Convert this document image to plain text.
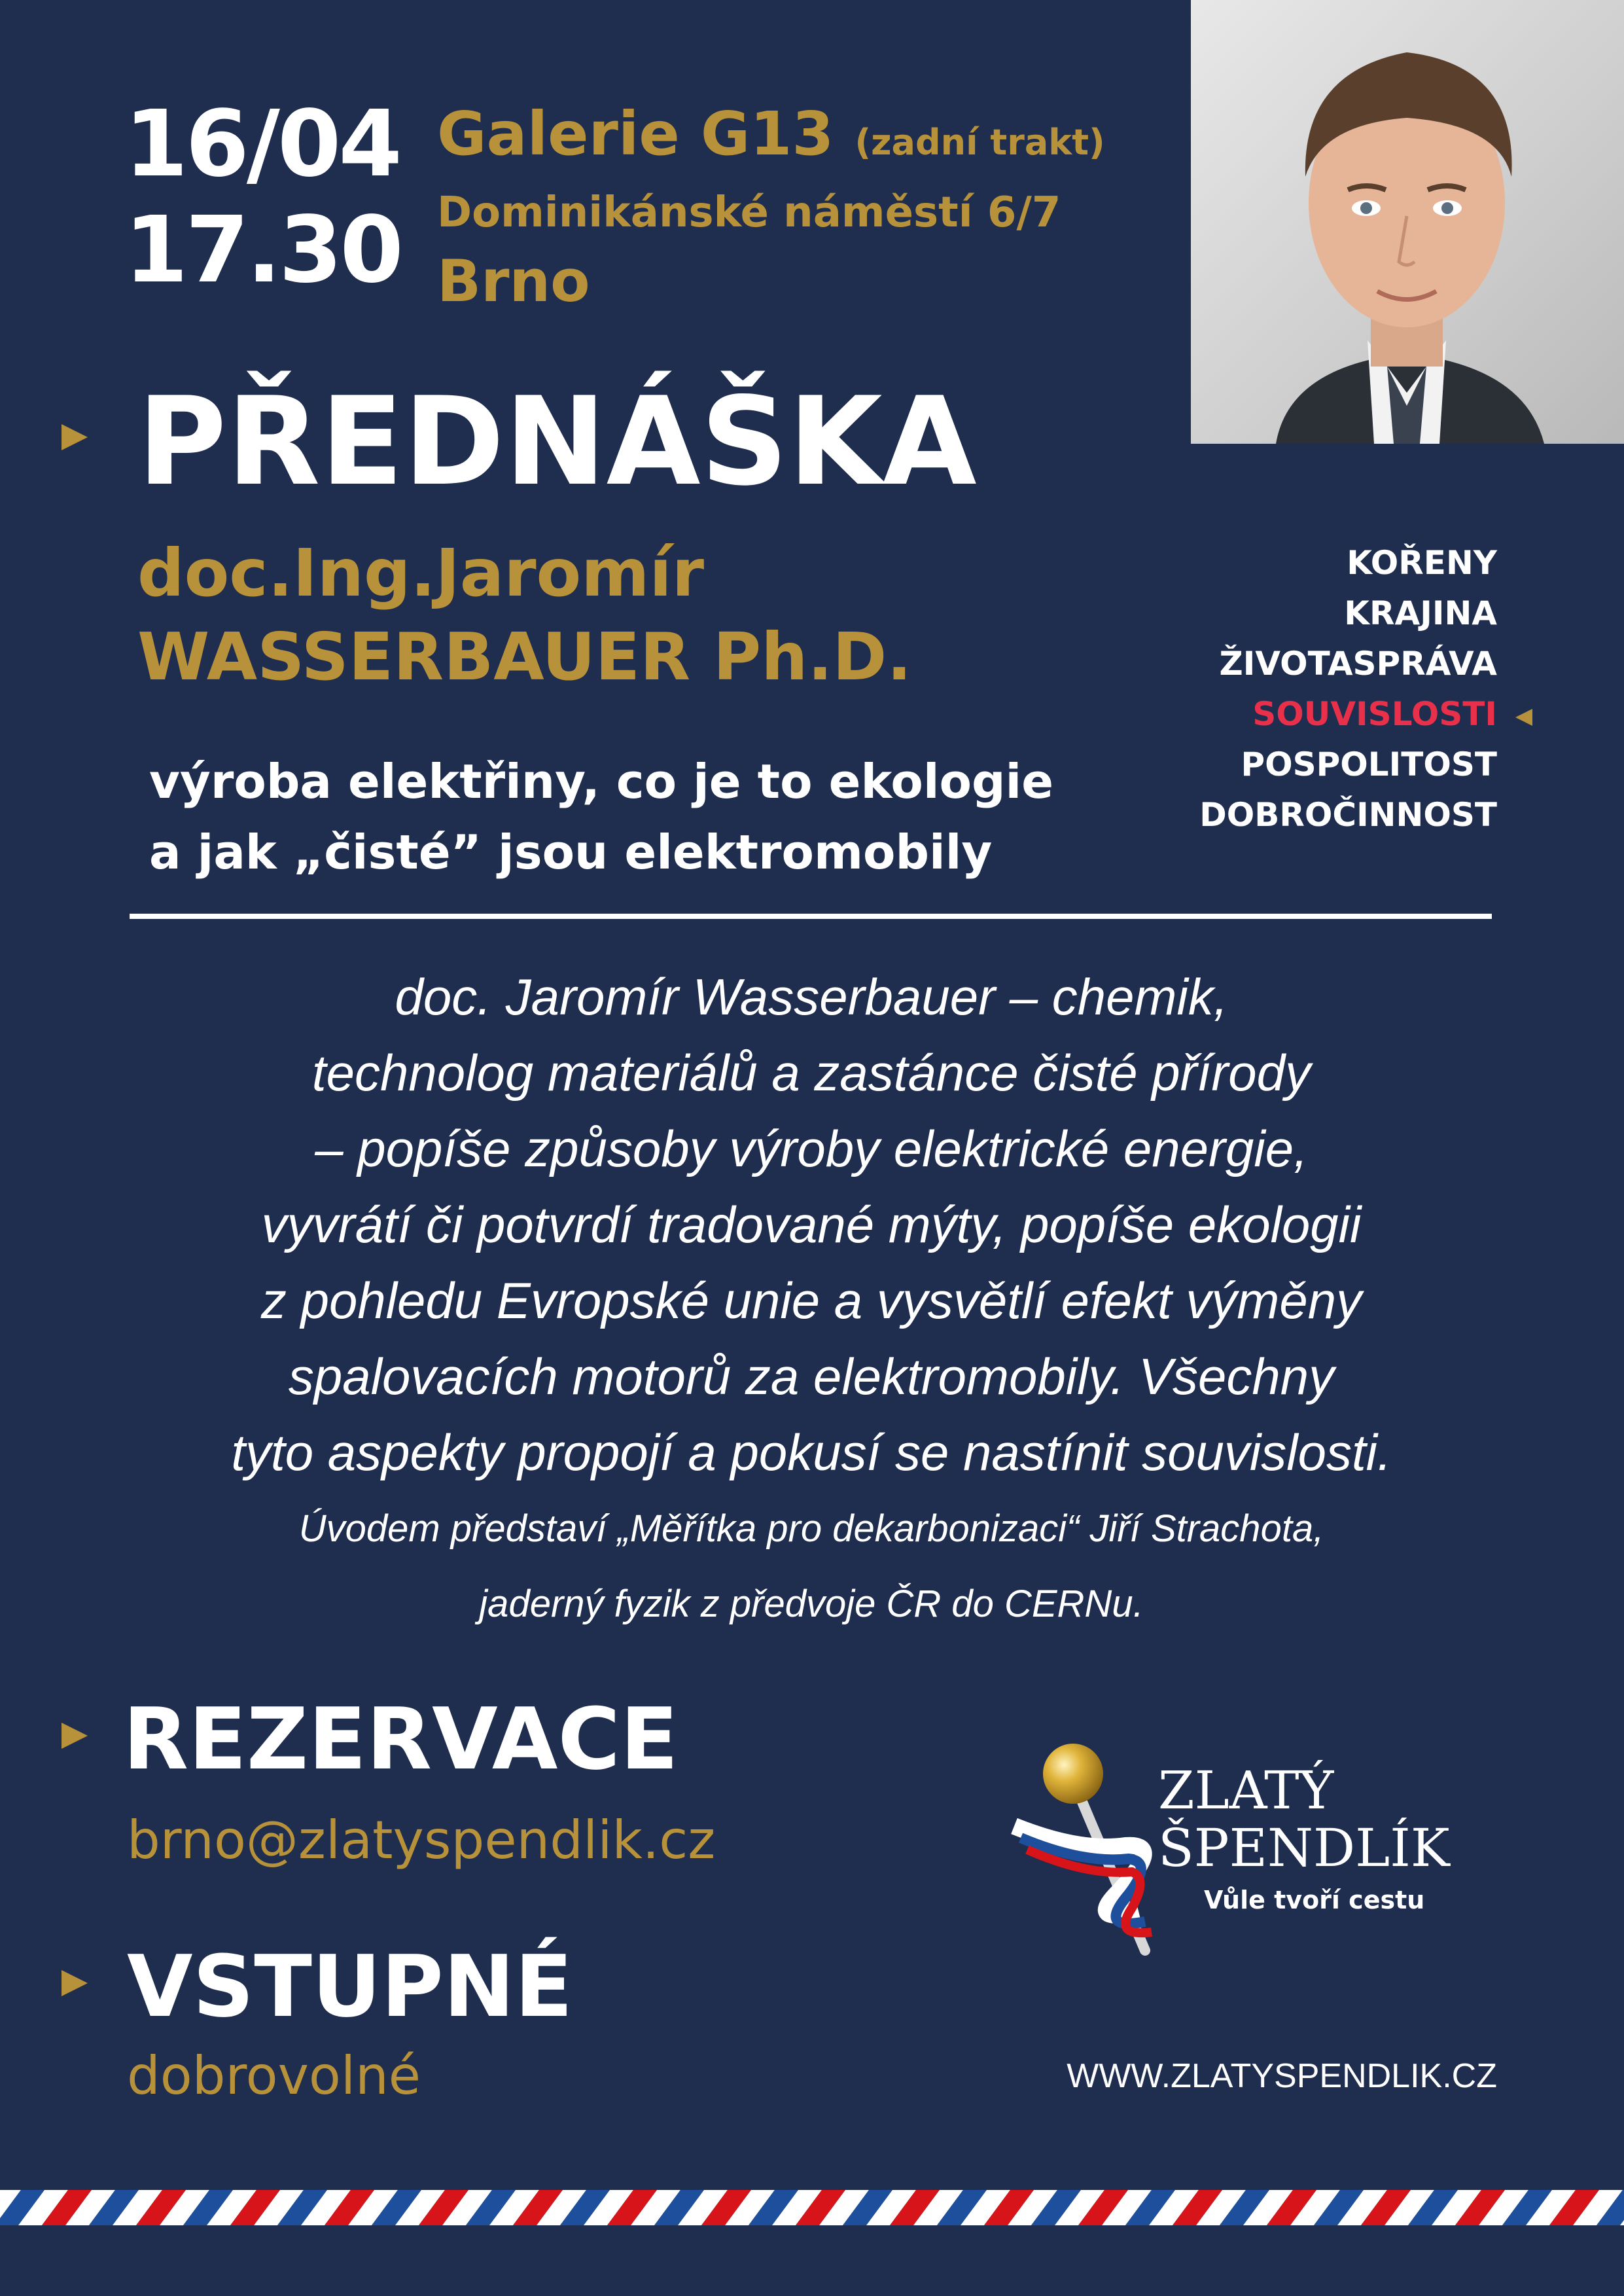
16/04
17.30
Galerie G13 (zadní trakt)
Dominikánské náměstí 6/7
Brno
PŘEDNÁŠKA
doc.Ing.Jaromír
WASSERBAUER Ph.D.
KOŘENY
KRAJINA
ŽIVOTASPRÁVA
SOUVISLOSTI
POSPOLITOST
DOBROČINNOST
výroba elektřiny, co je to ekologie
a jak „čisté” jsou elektromobily
doc. Jaromír Wasserbauer – chemik,
technolog materiálů a zastánce čisté přírody
– popíše způsoby výroby elektrické energie,
vyvrátí či potvrdí tradované mýty, popíše ekologii
z pohledu Evropské unie a vysvětlí efekt výměny
spalovacích motorů za elektromobily. Všechny
tyto aspekty propojí a pokusí se nastínit souvislosti.
Úvodem představí „Měřítka pro dekarbonizaci“ Jiří Strachota,
jaderný fyzik z předvoje ČR do CERNu.
REZERVACE
brno@zlatyspendlik.cz
VSTUPNÉ
dobrovolné
ZLATÝ
ŠPENDLÍK
Vůle tvoří cestu
WWW.ZLATYSPENDLIK.CZ
